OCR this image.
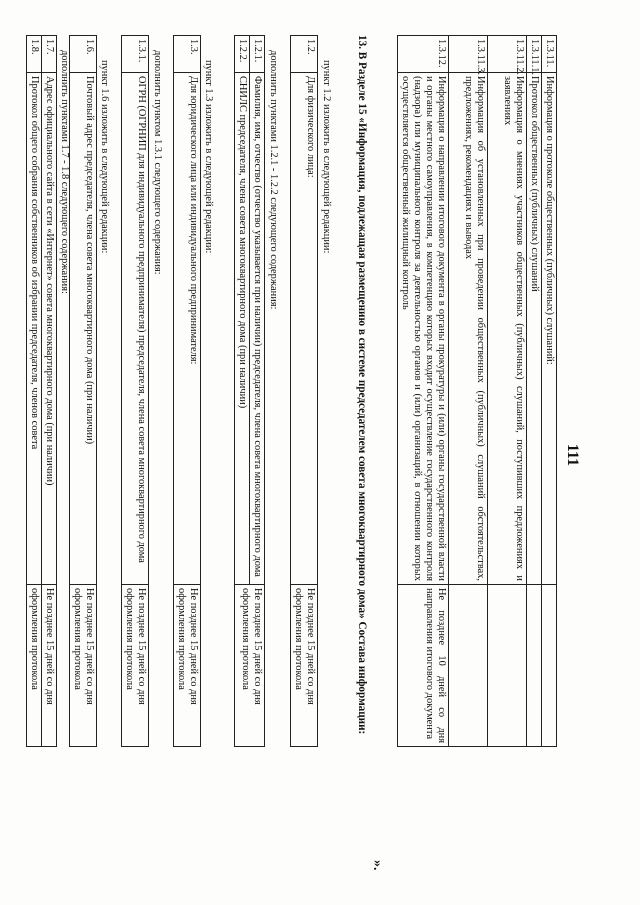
111
1.3.11.	Информация о протоколе общественных (публичных) слушаний:	
1.3.11.1.	Протокол общественных (публичных) слушаний	
1.3.11.2.	Информация о мнениях участников общественных (публичных) слушаний, поступивших предложениях и заявлениях	
1.3.11.3.	Информация об установленных при проведении общественных (публичных) слушаний обстоятельствах, предложениях, рекомендациях и выводах	
1.3.12.	Информация о направлении итогового документа в органы прокуратуры и (или) органы государственной власти и органы местного самоуправления, в компетенцию которых входит осуществление государственного контроля (надзора) или муниципального контроля за деятельностью органов и (или) организаций, в отношении которых осуществляется общественный жилищный контроль	Не позднее 10 дней со дня направления итогового документа
».
13. В Разделе 15 «Информация, подлежащая размещению в системе председателем совета многоквартирного дома» Состава информации:
пункт 1.2 изложить в следующей редакции:
1.2.	Для физического лица:	Не позднее 15 дней со дня оформления протокола
дополнить пунктами 1.2.1 - 1.2.2 следующего содержания:
1.2.1.	Фамилия, имя, отчество (отчество указывается при наличии) председателя, члена совета многоквартирного дома	Не позднее 15 дней со дня оформления протокола
1.2.2.	СНИЛС председателя, члена совета многоквартирного дома (при наличии)	
пункт 1.3 изложить в следующей редакции:
1.3.	Для юридического лица или индивидуального предпринимателя:	Не позднее 15 дней со дня оформления протокола
дополнить пунктом 1.3.1 следующего содержания:
1.3.1.	ОГРН (ОГРНИП для индивидуального предпринимателя) председателя, члена совета многоквартирного дома	Не позднее 15 дней со дня оформления протокола
пункт 1.6 изложить в следующей редакции:
1.6.	Почтовый адрес председателя, члена совета многоквартирного дома (при наличии)	Не позднее 15 дней со дня оформления протокола
дополнить пунктами 1.7 - 1.8 следующего содержания:
1.7.	Адрес официального сайта в сети «Интернет» совета многоквартирного дома (при наличии)	Не позднее 15 дней со дня
1.8.	Протокол общего собрания собственников об избрании председателя, членов совета	оформления протокола
